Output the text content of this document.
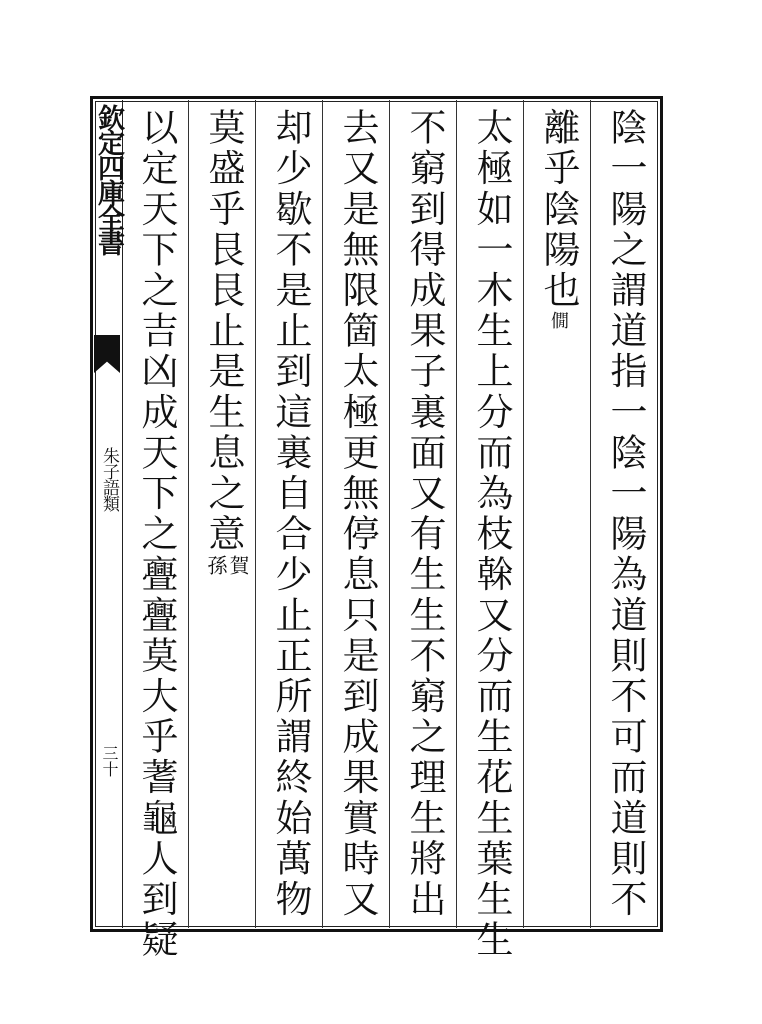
欽定四庫全書
朱子語類
三十	陰一陽之謂道指一陰一陽為道則不可而道則不
離乎陰陽也僩
太極如一木生上分而為枝榦又分而生花生葉生生
不窮到得成果子裏面又有生生不窮之理生將出
去又是無限箇太極更無停息只是到成果實時又
却少歇不是止到這裏自合少止正所謂終始萬物
莫盛乎艮艮止是生息之意
賀
孫
以定天下之吉凶成天下之亹亹莫大乎蓍龜人到疑
